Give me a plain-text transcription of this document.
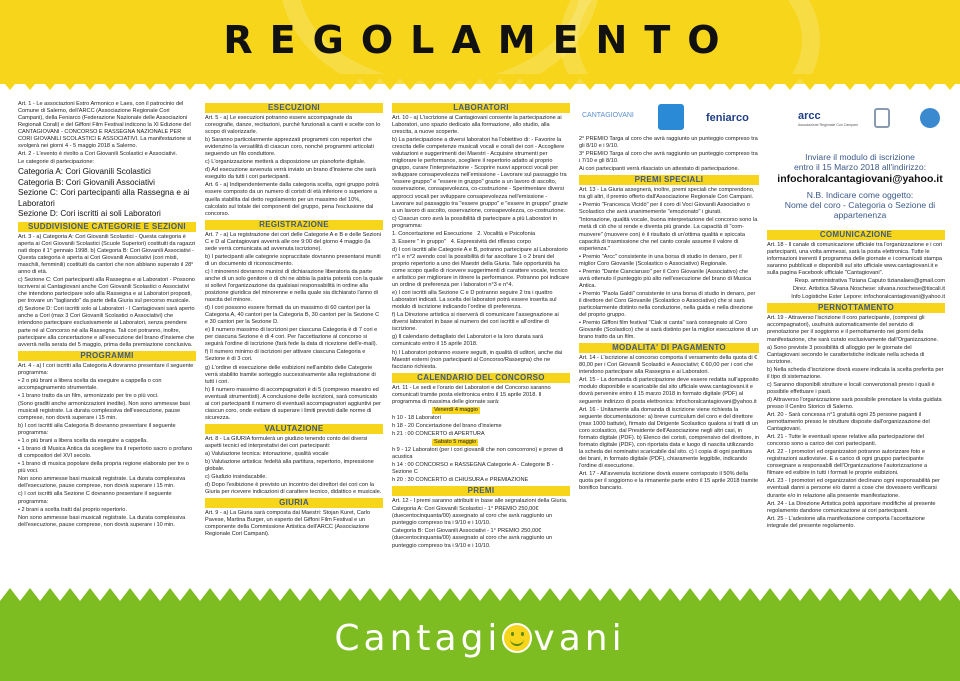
REGOLAMENTO

Art. 1 - Le associazioni Estro Armonico e Laes, con il patrocinio del Comune di Salerno, dell'ARCC (Associazione Regionale Cori Campani), della Feniarco (Federazione Nazionale delle Associazioni Regionali Corali) e del Giffoni Film Festival indicono la XI Edizione del CANTAGIOVANI - CONCORSO E RASSEGNA NAZIONALE PER CORI GIOVANILI SCOLASTICI E ASSOCIATIVI. La manifestazione si svolgerà nei giorni 4 - 5 maggio 2018 a Salerno.

Art. 2 - L'evento è rivolto a Cori Giovanili Scolastici e Associativi.

Le categorie di partecipazione:

Categoria A: Cori Giovanili Scolastici
Categoria B: Cori Giovanili Associativi
Sezione C: Cori partecipanti alla Rassegna e ai Laboratori
Sezione D: Cori iscritti ai soli Laboratori
SUDDIVISIONE CATEGORIE E SEZIONI

Art. 3 - a) Categoria A: Cori Giovanili Scolastici - Questa categoria è aperta ai Cori Giovanili Scolastici (Scuole Superiori) costituiti da ragazzi nati dopo il 1° gennaio 1998. b) Categoria B: Cori Giovanili Associativi - Questa categoria è aperta ai Cori Giovanili Associativi (cori misti, maschili, femminili) costituiti da cantori che non abbiano superato il 28° anno di età.

c) Sezione C: Cori partecipanti alla Rassegna e ai Laboratori - Possono iscriversi ai Cantagiovani anche Cori Giovanili Scolastici o Associativi che intendono partecipare solo alla Rassegna e ai Laboratori proposti, per trovare un "tagliando" da parte della Giuria sul percorso musicale.

d) Sezione D: Cori iscritti solo ai Laboratori - I Cantagiovani sarà aperto anche a Cori (max 3 Cori Giovanili Scolastici o Associativi) che intendono partecipare esclusivamente ai Laboratori, senza prendere parte né al Concorso né alla Rassegna. Tali cori potranno, inoltre, partecipare alla concertazione e all'esecuzione del brano d'insieme che avverrà nella serata del 5 maggio, prima della premiazione conclusiva.

PROGRAMMI

Art. 4 - a) I cori iscritti alla Categoria A dovranno presentare il seguente programma:

• 2 o più brani a libera scelta da eseguire a cappella o con accompagnamento strumentale.

• 1 brano tratto da un film, armonizzato per tre o più voci.

(Sono graditi anche armonizzazioni inedite). Non sono ammesse basi musicali registrate. La durata complessiva dell'esecuzione, pause comprese, non dovrà superare i 15 min.

b) I cori iscritti alla Categoria B dovranno presentare il seguente programma:

• 1 o più brani a libera scelta da eseguire a cappella.

• 1 brano di Musica Antica da scegliere tra il repertorio sacro o profano di compositori del XVI secolo.

• 1 brano di musica popolare della propria regione elaborato per tre o più voci.

Non sono ammesse basi musicali registrate. La durata complessiva dell'esecuzione, pause comprese, non dovrà superare i 15 min.

c) I cori iscritti alla Sezione C dovranno presentare il seguente programma:

• 2 brani a scelta tratti dal proprio repertorio.

Non sono ammesse basi musicali registrate. La durata complessiva dell'esecuzione, pause comprese, non dovrà superare i 10 min.

ESECUZIONI

Art. 5 - a) Le esecuzioni potranno essere accompagnate da coreografie, danze, recitazioni, purché funzionali a canti e scelte con lo scopo di valorizzarle.

b) Saranno particolarmente apprezzati programmi con repertori che evidenzino la versatilità di ciascun coro, nonché programmi articolati seguendo un filo conduttore.

c) L'organizzazione metterà a disposizione un pianoforte digitale.

d) Ad esecuzione avvenuta verrà inviato un brano d'insieme che sarà eseguito da tutti i cori partecipanti.

Art. 6 - a) Indipendentemente dalla categoria scelta, ogni gruppo potrà essere composto da un numero di coristi di età inferiore o superiore a quella stabilita dal detto regolamento per un massimo del 10%, calcolato sul totale dei componenti del gruppo, pena l'esclusione dal concorso.

REGISTRAZIONE

Art. 7 - a) La registrazione dei cori delle Categorie A e B e delle Sezioni C e D al Cantagiovani avverrà alle ore 9:00 del giorno 4 maggio (la sede verrà comunicata ad avvenuta iscrizione).

b) I partecipanti alle categorie sopraccitate dovranno presentarsi muniti di un documento di riconoscimento.

c) I minorenni dovranno munirsi di dichiarazione liberatoria da parte anche di un solo genitore o di chi ne abbia la patria potestà con la quale si sollevi l'organizzazione da qualsiasi responsabilità in ordine alla posizione giuridica del minorenne e nella quale sia dichiarato l'anno di nascita del minore.

d) I cori possono essere formati da un massimo di 60 cantori per la Categoria A, 40 cantori per la Categoria B, 30 cantori per la Sezione C e 30 cantori per la Sezione D.

e) Il numero massimo di iscrizioni per ciascuna Categoria è di 7 cori e per ciascuna Sezione è di 4 cori. Per l'accettazione al concorso si seguirà l'ordine di iscrizione (farà fede la data di ricezione dell'e-mail).

f) Il numero minimo di iscrizioni per attivare ciascuna Categoria e Sezione è di 3 cori.

g) L'ordine di esecuzione delle esibizioni nell'ambito delle Categorie verrà stabilito tramite sorteggio successivamente alla registrazione di tutti i cori.

h) Il numero massimo di accompagnatori è di 5 (compreso maestro ed eventuali strumentisti). A conclusione delle iscrizioni, sarà comunicato ai cori partecipanti il numero di eventuali accompagnatori aggiuntivi per ciascun coro, onde evitare di superare i limiti previsti dalle norme di sicurezza.

VALUTAZIONE

Art. 8 - La GIURIA formulerà un giudizio tenendo conto dei diversi aspetti tecnici ed interpretativi dei cori partecipanti:

a) Valutazione tecnica: intonazione, qualità vocale

b) Valutazione artistica: fedeltà alla partitura, repertorio, impressione globale.

c) Giudizio insindacabile.

d) Dopo l'esibizione è previsto un incontro dei direttori dei cori con la Giuria per ricevere indicazioni di carattere tecnico, didattico e musicale.

GIURIA

Art. 9 - a) La Giuria sarà composta dai Maestri: Stojan Kuret, Carlo Pavese, Martina Burger, un esperto del Giffoni Film Festival e un componente della Commissione Artistica dell'ARCC (Associazione Regionale Cori Campani).

LABORATORI

Art. 10 - a) L'iscrizione ai Cantagiovani consente la partecipazione ai Laboratori, uno spazio dedicato alla formazione, allo studio, alla crescita, a nuove scoperte.

b) La partecipazione a diversi laboratori ha l'obiettivo di: - Favorire la crescita delle competenze musicali vocali e corali dei cori - Accogliere valutazioni e suggerimenti dei Maestri - Acquisire strumenti per migliorare le performance, scegliere il repertorio adatto al proprio gruppo, curare l'interpretazione - Scoprire nuovi approcci vocali per sviluppare consapevolezza nell'emissione - Lavorare sul passaggio tra "essere gruppo" e "essere in gruppo" grazie a un lavoro di ascolto, osservazione, consapevolezza, co-costruzione - Sperimentare diversi approcci vocali per sviluppare consapevolezza nell'emissione - Lavorare sul passaggio tra "essere gruppo" e "essere in gruppo" grazie a un lavoro di ascolto, osservazione, consapevolezza, co-costruzione.

c) Ciascun coro avrà la possibilità di partecipare a più Laboratori in programma:

1. Concertazione ed Esecuzione 2. Vocalità e Psicofonia

3. Essere " in gruppo" 4. Espressività del riflesso corpo

d) I cori iscritti alle Categorie A e B, potranno partecipare al Laboratorio n°1 e n°2 avendo così la possibilità di far ascoltare 1 o 2 brani del proprio repertorio a uno dei Maestri della Giuria. Tale opportunità ha come scopo quello di ricevere suggerimenti di carattere vocale, tecnico e artistico per migliorare in itinere la performance. Potranno poi indicare un ordine di preferenza per i laboratori n°3 e n°4.

e) I cori iscritti alla Sezione C e D potranno seguire 2 tra i quattro Laboratori indicati. La scelta dei laboratori potrà essere inserita sul modulo di iscrizione indicando l'ordine di preferenza.

f) La Direzione artistica si riserverà di comunicare l'assegnazione ai diversi laboratori in base al numero dei cori iscritti e all'ordine di iscrizione.

g) Il calendario dettagliato dei Laboratori e la loro durata sarà comunicato entro il 15 aprile 2018.

h) I Laboratori potranno essere seguiti, in qualità di uditori, anche dai Maestri esterni (non partecipanti al Concorso/Rassegna) che ne facciano richiesta.

CALENDARIO DEL CONCORSO

Art. 11 - Le sedi e l'orario dei Laboratori e del Concorso saranno comunicati tramite posta elettronica entro il 15 aprile 2018. Il programma di massima delle giornate sarà:

Venerdì 4 maggio

h 10 - 18 Laboratori

h 18 - 20 Concertazione del brano d'insieme

h 21 : 00 CONCERTO di APERTURA

Sabato 5 maggio

h 9 - 12 Laboratori (per i cori giovanili che non concorrono) e prove di acustica

h 14 : 00 CONCORSO e RASSEGNA Categorie A - Categorie B - Sezione C

h 20 : 30 CONCERTO di CHIUSURA e PREMIAZIONE

PREMI

Art. 12 - I premi saranno attribuiti in base alle segnalazioni della Giuria.

Categoria A: Cori Giovanili Scolastici - 1° PREMIO 250,00€ (duecentocinquanta/00) assegnato al coro che avrà raggiunto un punteggio compreso tra i 9/10 e i 10/10.

Categoria B: Cori Giovanili Associativi - 1° PREMIO 250,00€ (duecentocinquanta/00) assegnato al coro che avrà raggiunto un punteggio compreso tra i 9/10 e i 10/10.

CANTAGIOVANI	feniarco	arcc
Associazione Regionale Cori Campani

2° PREMIO Targa al coro che avrà raggiunto un punteggio compreso tra gli 8/10 e i 9/10.

3° PREMIO Targa al coro che avrà raggiunto un punteggio compreso tra i 7/10 e gli 8/10.

Ai cori partecipanti verrà rilasciato un attestato di partecipazione.

PREMI SPECIALI

Art. 13 - La Giuria assegnerà, inoltre, premi speciali che comprendono, tra gli altri, il premio offerto dall'Associazione Regionale Cori Campani.

• Premio "Francesca Vicidò" per il coro di Voci Giovanili Associativo o Scolastico che avrà unanimemente "emozionato" i giurati.

"Intonazione, qualità vocale, buona interpretazione del concorso sono la metà di ciò che si rende e diventa più grande. La capacità di "com-muovere" (muovere con) è il risultato di un'ottima qualità e spiccata capacità di trasmissione che nel canto corale assume il valore di esperienza."

• Premio "Arcc" consistente in una borsa di studio in denaro, per il miglior Coro Giovanile (Scolastico o Associativo) Regionale.

• Premio "Dante Cianciaruso" per il Coro Giovanile (Associativo) che avrà ottenuto il punteggio più alto nell'esecuzione del brano di Musica Antica.

• Premio "Paola Galdi" consistente in una borsa di studio in denaro, per il direttore del Coro Giovanile (Scolastico o Associativo) che si sarà particolarmente distinto nella conduzione, nella guida e nella direzione del proprio gruppo.

• Premio Giffoni film festival "Ciak si canta" sarà consegnato al Coro Giovanile (Scolastico) che si sarà distinto per la miglior esecuzione di un brano tratto da un film.

MODALITA' DI PAGAMENTO

Art. 14 - L'iscrizione al concorso comporta il versamento della quota di € 80,00 per i Cori Giovanili Scolastici e Associativi; € 60,00 per i cori che intendono partecipare alla Rassegna e ai Laboratori.

Art. 15 - La domanda di partecipazione deve essere redatta sull'apposito modulo disponibile e scaricabile dal sito ufficiale www.cantagiovani.it e dovrà pervenire entro il 15 marzo 2018 in formato digitale (PDF) al seguente indirizzo di posta elettronica: infochoralcantagiovani@yahoo.it

Art. 16 - Unitamente alla domanda di iscrizione viene richiesta la seguente documentazione: a) breve curriculum del coro e del direttore (max 1000 battute), firmato dal Dirigente Scolastico qualora si tratti di un coro scolastico, dal Presidente dell'Associazione negli altri casi, in formato digitale (PDF). b) Elenco dei coristi, comprensivo del direttore, in formato digitale (PDF), con riportata data e luogo di nascita utilizzando la scheda dei nominativi scaricabile dal sito. c) I copia di ogni partitura dei brani, in formato digitale (PDF), chiaramente leggibile, indicando l'ordine di esecuzione.

Art. 17 - All'avvenuta iscrizione dovrà essere corrisposto il 50% della quota per il soggiorno e la rimanente parte entro il 15 aprile 2018 tramite bonifico bancario.

Inviare il modulo di iscrizione
entro il 15 Marzo 2018 all'indirizzo:
infochoralcantagiovani@yahoo.it
N.B. Indicare come oggetto:
Nome del coro - Categoria o Sezione di appartenenza
COMUNICAZIONE

Art. 18 - Il canale di comunicazione ufficiale tra l'organizzazione e i cori partecipanti, una volta ammessi, sarà la posta elettronica. Tutte le informazioni inerenti il programma delle giornate e i comunicati stampa saranno pubblicati e disponibili sul sito ufficiale www.cantagiovani.it e sulla pagina Facebook ufficiale "Cantagiovani".

Resp. amministrativa Tiziana Caputo tizianalaes@gmail.com

Direz. Artistica Silvana Noschese: silvana.noschese@tiscali.it

Info Logistiche Ester Lepore: infochoralcantagiovani@yahoo.it

PERNOTTAMENTO

Art. 19 - Attraverso l'iscrizione il coro partecipante, (compresi gli accompagnatori), usufruirà automaticamente del servizio di prenotazione per il soggiorno e il pernottamento nei giorni della manifestazione, che sarà curato esclusivamente dall'Organizzazione.

a) Sono previste 3 possibilità di alloggio per le giornate del Cantagiovani secondo le caratteristiche indicate nella scheda di iscrizione.

b) Nella scheda d'iscrizione dovrà essere indicata la scelta preferita per il tipo di sistemazione.

c) Saranno disponibili strutture e locali convenzionali previo i quali è possibile effettuare i pasti.

d) Attraverso l'organizzazione sarà possibile prenotare la visita guidata presso il Centro Storico di Salerno.

Art. 20 - Sarà concessa n°1 gratuità ogni 25 persone paganti il pernottamento presso le strutture disposte dall'organizzazione del Cantagiovani.

Art. 21 - Tutte le eventuali spese relative alla partecipazione del concorso sono a carico dei cori partecipanti.

Art. 22 - I promotori ed organizzatori potranno autorizzare foto e registrazioni audiovisive. E a carico di ogni gruppo partecipante consegnare a responsabili dell'Organizzazione l'autorizzazione a filmare ed esibire in tutti i formati le proprie esibizioni.

Art. 23 - I promotori ed organizzatori declinano ogni responsabilità per eventuali danni a persone e/o danni a cose che dovessero verificarsi durante e/o in relazione alla presente manifestazione.

Art. 24 - La Direzione Artistica potrà apportare modifiche al presente regolamento dandone comunicazione ai cori partecipanti.

Art. 25 - L'adesione alla manifestazione comporta l'accettazione integrale del presente regolamento.

Cantagi vani
